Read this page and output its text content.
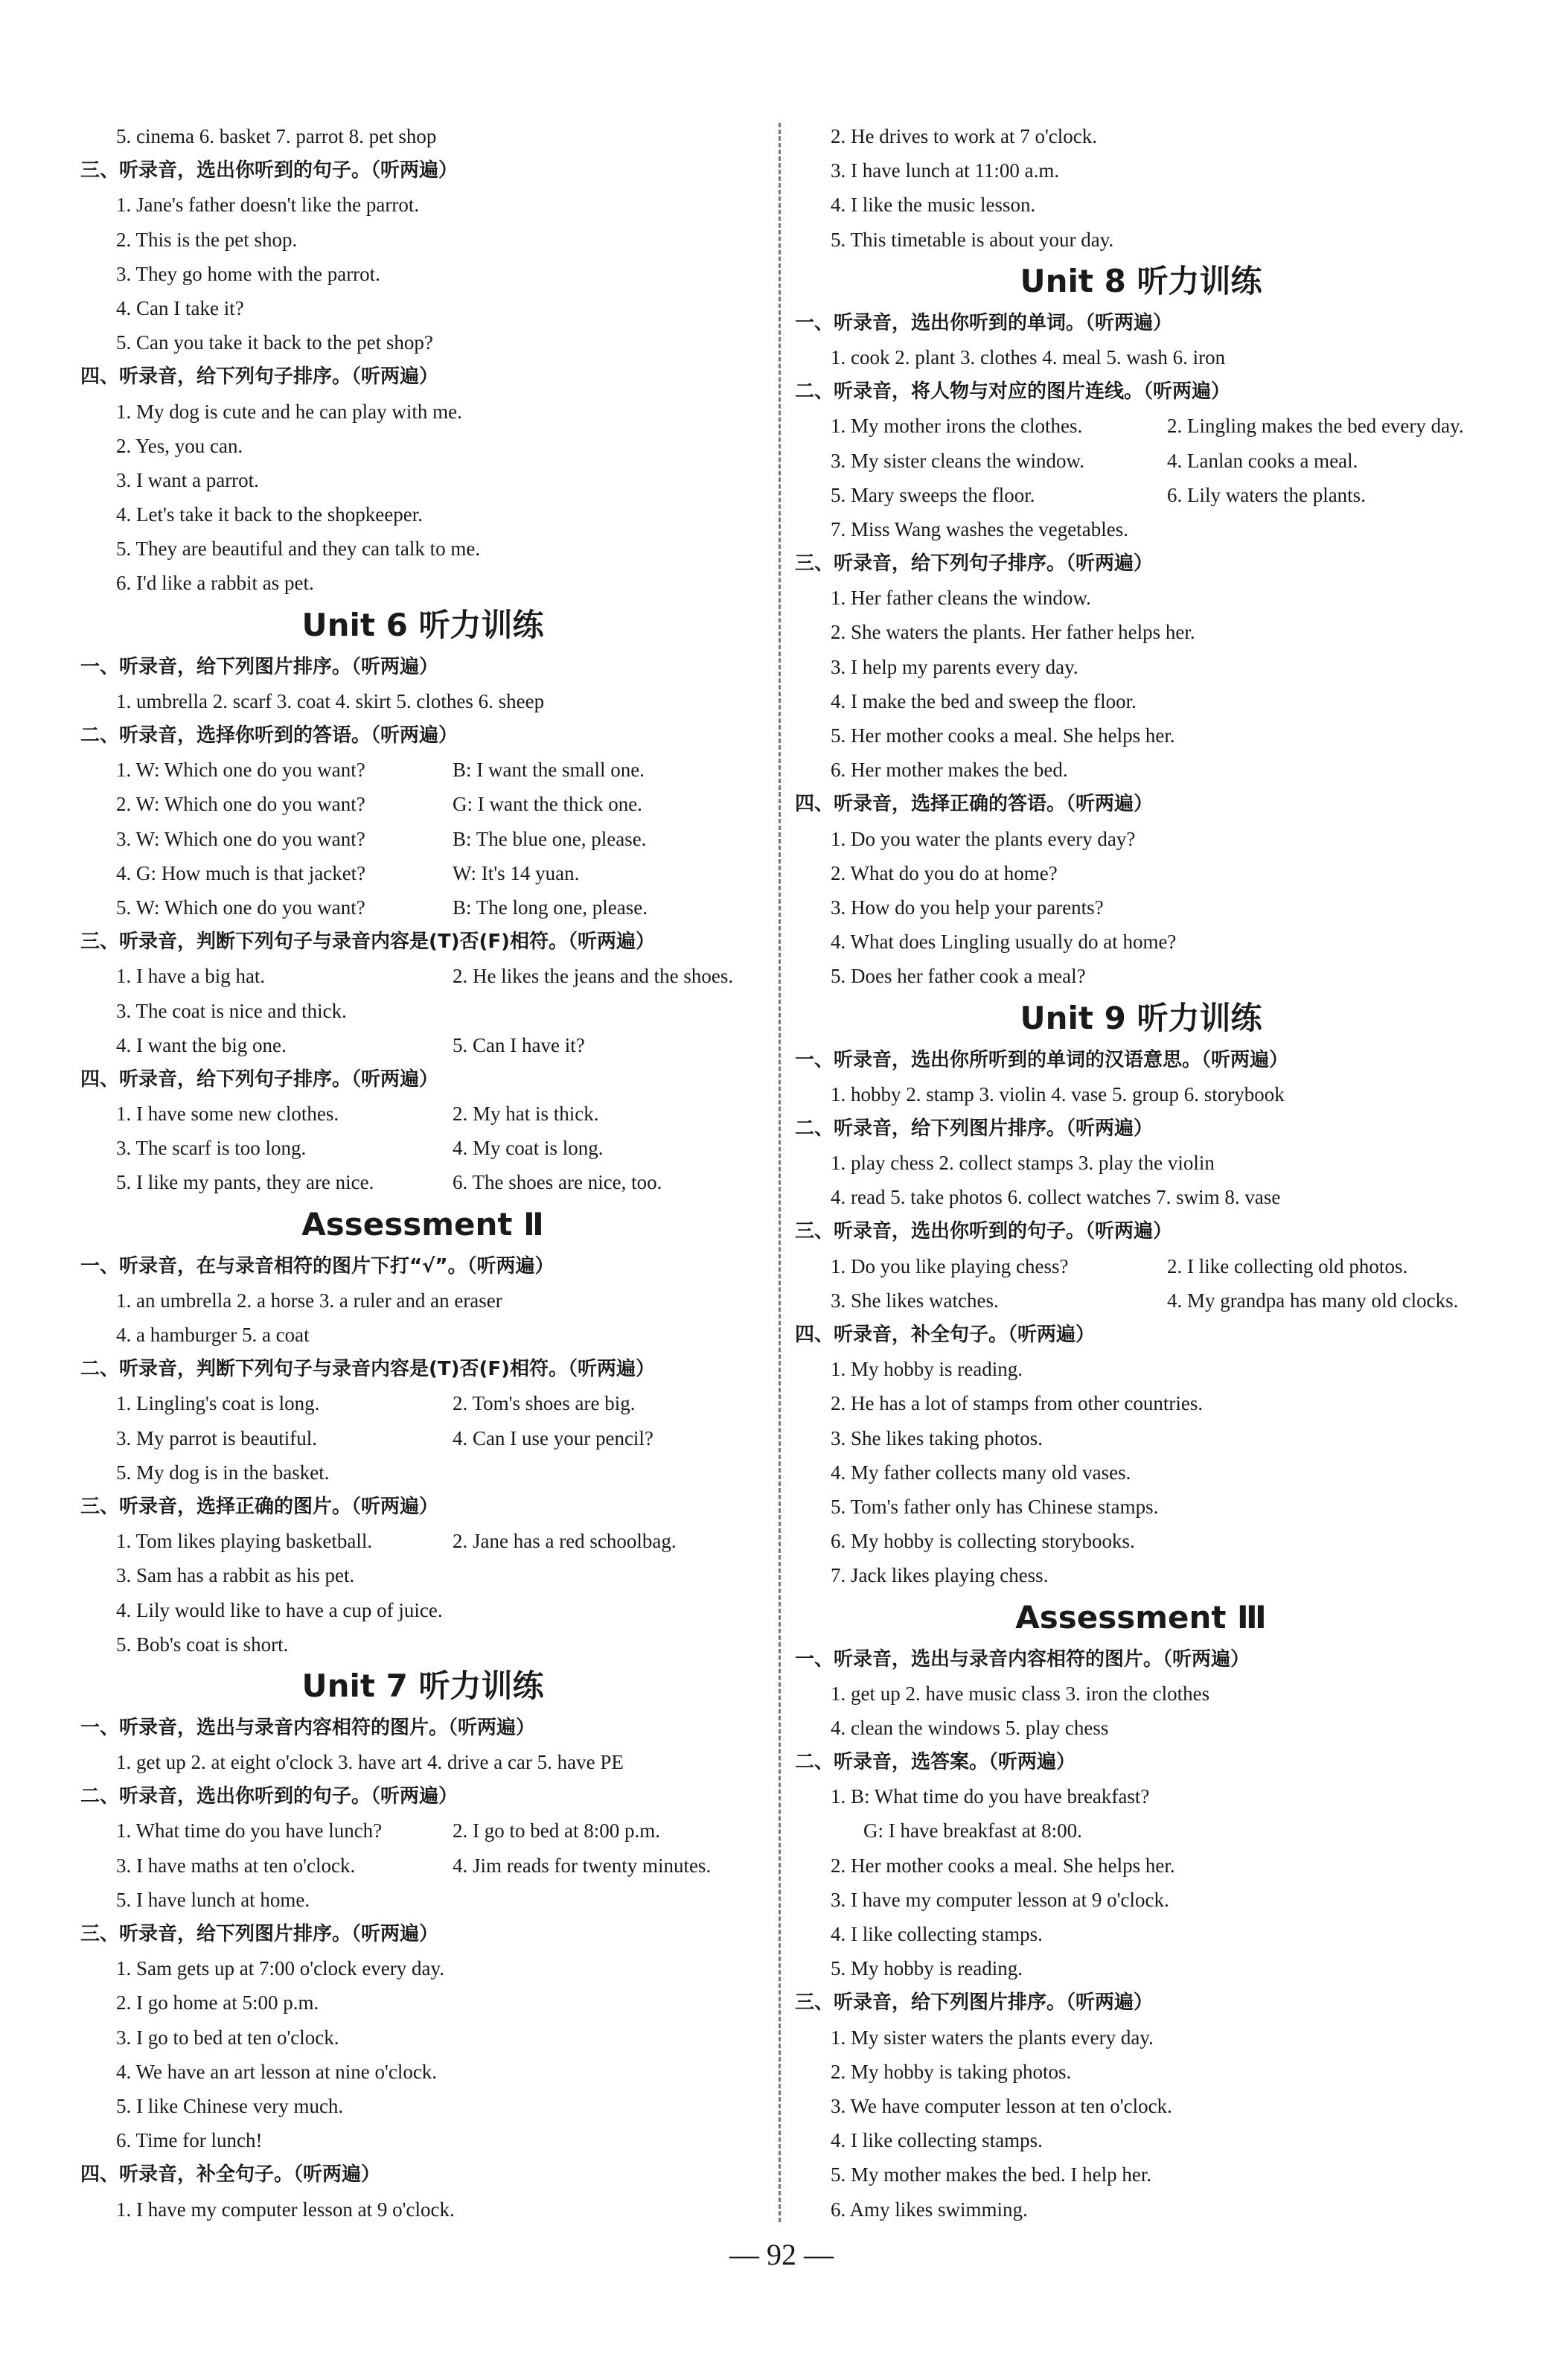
5. cinema 6. basket 7. parrot 8. pet shop
三、听录音，选出你听到的句子。（听两遍）
1. Jane's father doesn't like the parrot.
2. This is the pet shop.
3. They go home with the parrot.
4. Can I take it?
5. Can you take it back to the pet shop?
四、听录音，给下列句子排序。（听两遍）
1. My dog is cute and he can play with me.
2. Yes, you can.
3. I want a parrot.
4. Let's take it back to the shopkeeper.
5. They are beautiful and they can talk to me.
6. I'd like a rabbit as pet.
Unit 6 听力训练
一、听录音，给下列图片排序。（听两遍）
1. umbrella 2. scarf 3. coat 4. skirt 5. clothes 6. sheep
二、听录音，选择你听到的答语。（听两遍）
1. W: Which one do you want?	B: I want the small one.
2. W: Which one do you want?	G: I want the thick one.
3. W: Which one do you want?	B: The blue one, please.
4. G: How much is that jacket?	W: It's 14 yuan.
5. W: Which one do you want?	B: The long one, please.
三、听录音，判断下列句子与录音内容是(T)否(F)相符。（听两遍）
1. I have a big hat.	2. He likes the jeans and the shoes.
3. The coat is nice and thick.
4. I want the big one.	5. Can I have it?
四、听录音，给下列句子排序。（听两遍）
1. I have some new clothes.	2. My hat is thick.
3. The scarf is too long.	4. My coat is long.
5. I like my pants, they are nice.	6. The shoes are nice, too.
Assessment Ⅱ
一、听录音，在与录音相符的图片下打“√”。（听两遍）
1. an umbrella 2. a horse 3. a ruler and an eraser
4. a hamburger 5. a coat
二、听录音，判断下列句子与录音内容是(T)否(F)相符。（听两遍）
1. Lingling's coat is long.	2. Tom's shoes are big.
3. My parrot is beautiful.	4. Can I use your pencil?
5. My dog is in the basket.
三、听录音，选择正确的图片。（听两遍）
1. Tom likes playing basketball.	2. Jane has a red schoolbag.
3. Sam has a rabbit as his pet.
4. Lily would like to have a cup of juice.
5. Bob's coat is short.
Unit 7 听力训练
一、听录音，选出与录音内容相符的图片。（听两遍）
1. get up 2. at eight o'clock 3. have art 4. drive a car 5. have PE
二、听录音，选出你听到的句子。（听两遍）
1. What time do you have lunch?	2. I go to bed at 8:00 p.m.
3. I have maths at ten o'clock.	4. Jim reads for twenty minutes.
5. I have lunch at home.
三、听录音，给下列图片排序。（听两遍）
1. Sam gets up at 7:00 o'clock every day.
2. I go home at 5:00 p.m.
3. I go to bed at ten o'clock.
4. We have an art lesson at nine o'clock.
5. I like Chinese very much.
6. Time for lunch!
四、听录音，补全句子。（听两遍）
1. I have my computer lesson at 9 o'clock.
2. He drives to work at 7 o'clock.
3. I have lunch at 11:00 a.m.
4. I like the music lesson.
5. This timetable is about your day.
Unit 8 听力训练
一、听录音，选出你听到的单词。（听两遍）
1. cook 2. plant 3. clothes 4. meal 5. wash 6. iron
二、听录音，将人物与对应的图片连线。（听两遍）
1. My mother irons the clothes.	2. Lingling makes the bed every day.
3. My sister cleans the window.	4. Lanlan cooks a meal.
5. Mary sweeps the floor.	6. Lily waters the plants.
7. Miss Wang washes the vegetables.
三、听录音，给下列句子排序。（听两遍）
1. Her father cleans the window.
2. She waters the plants. Her father helps her.
3. I help my parents every day.
4. I make the bed and sweep the floor.
5. Her mother cooks a meal. She helps her.
6. Her mother makes the bed.
四、听录音，选择正确的答语。（听两遍）
1. Do you water the plants every day?
2. What do you do at home?
3. How do you help your parents?
4. What does Lingling usually do at home?
5. Does her father cook a meal?
Unit 9 听力训练
一、听录音，选出你所听到的单词的汉语意思。（听两遍）
1. hobby 2. stamp 3. violin 4. vase 5. group 6. storybook
二、听录音，给下列图片排序。（听两遍）
1. play chess 2. collect stamps 3. play the violin
4. read 5. take photos 6. collect watches 7. swim 8. vase
三、听录音，选出你听到的句子。（听两遍）
1. Do you like playing chess?	2. I like collecting old photos.
3. She likes watches.	4. My grandpa has many old clocks.
四、听录音，补全句子。（听两遍）
1. My hobby is reading.
2. He has a lot of stamps from other countries.
3. She likes taking photos.
4. My father collects many old vases.
5. Tom's father only has Chinese stamps.
6. My hobby is collecting storybooks.
7. Jack likes playing chess.
Assessment Ⅲ
一、听录音，选出与录音内容相符的图片。（听两遍）
1. get up 2. have music class 3. iron the clothes
4. clean the windows 5. play chess
二、听录音，选答案。（听两遍）
1. B: What time do you have breakfast?
G: I have breakfast at 8:00.
2. Her mother cooks a meal. She helps her.
3. I have my computer lesson at 9 o'clock.
4. I like collecting stamps.
5. My hobby is reading.
三、听录音，给下列图片排序。（听两遍）
1. My sister waters the plants every day.
2. My hobby is taking photos.
3. We have computer lesson at ten o'clock.
4. I like collecting stamps.
5. My mother makes the bed. I help her.
6. Amy likes swimming.
— 92 —
